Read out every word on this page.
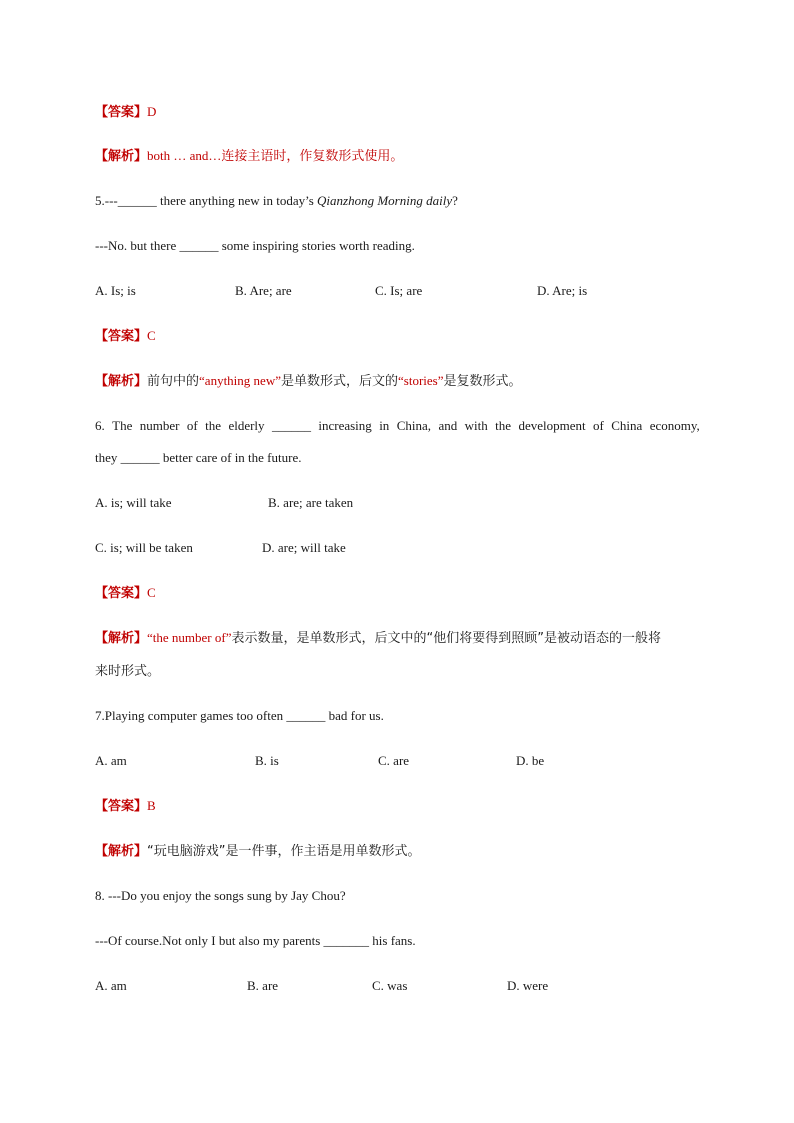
【答案】D
【解析】both … and…连接主语时，作复数形式使用。
5.---______ there anything new in today’s Qianzhong Morning daily?
---No. but there ______ some inspiring stories worth reading.
A. Is; is	B. Are; are	C. Is; are	D. Are; is
【答案】C
【解析】前句中的“anything new”是单数形式，后文的“stories”是复数形式。
6. The number of the elderly ______ increasing in China, and with the development of China economy,
they ______ better care of in the future.
A. is; will take	B. are; are taken
C. is; will be taken	D. are; will take
【答案】C
【解析】“the number of”表示数量，是单数形式，后文中的“他们将要得到照顾”是被动语态的一般将
来时形式。
7.Playing computer games too often ______ bad for us.
A. am	B. is	C. are	D. be
【答案】B
【解析】“玩电脑游戏”是一件事，作主语是用单数形式。
8. ---Do you enjoy the songs sung by Jay Chou?
---Of course.Not only I but also my parents _______ his fans.
A. am	B. are	C. was	D. were
